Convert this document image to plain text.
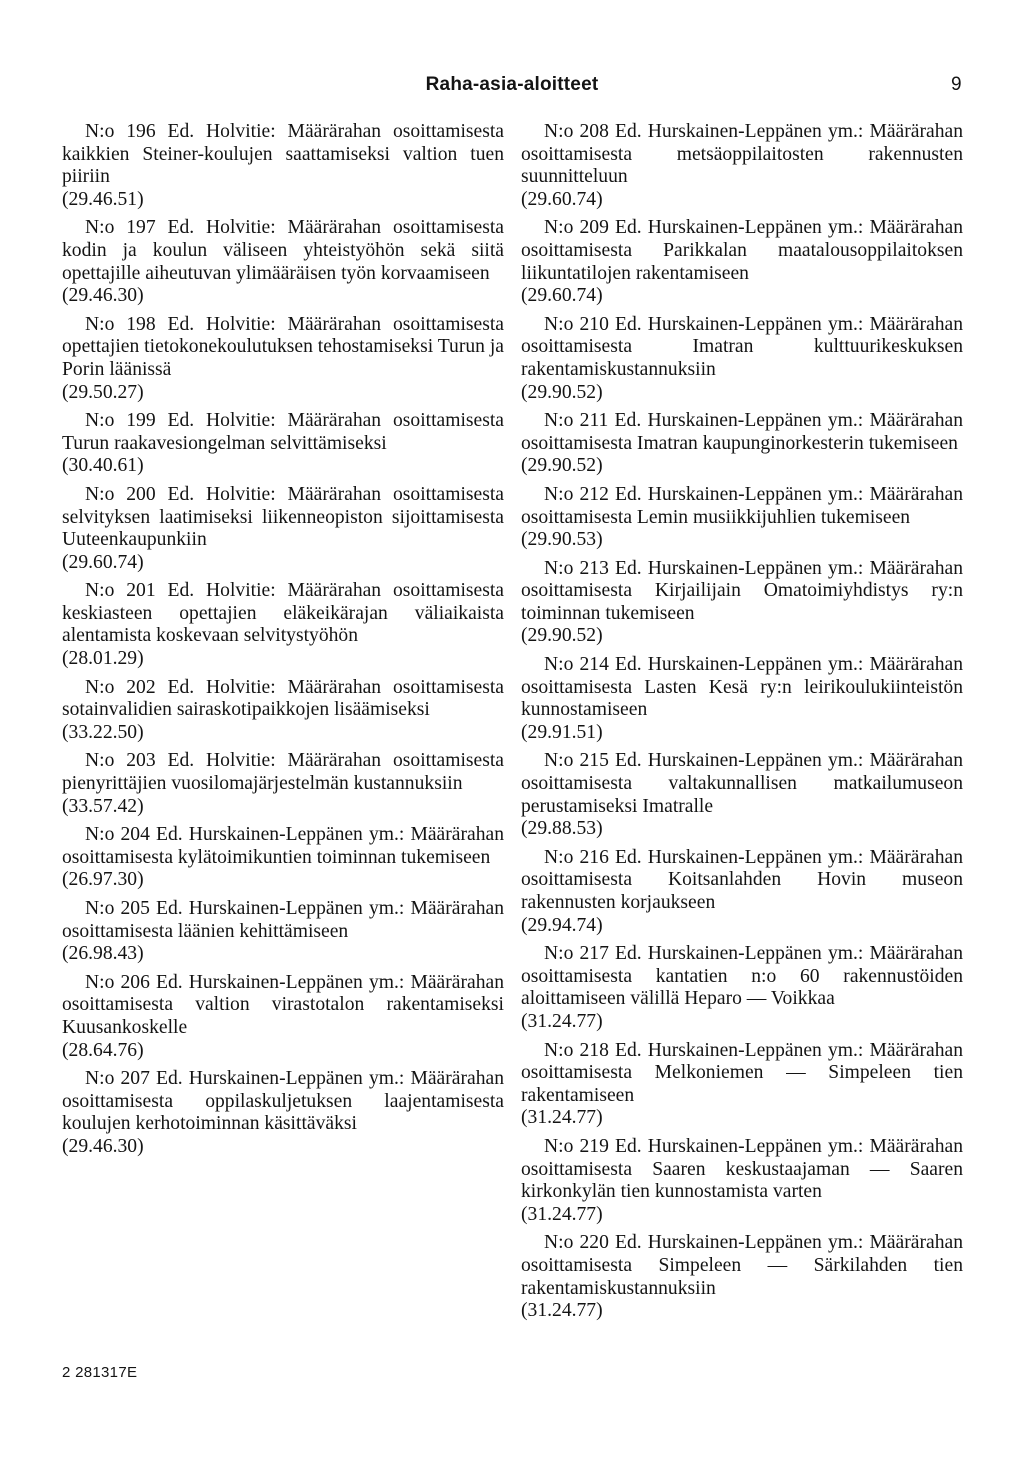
Raha-asia-aloitteet	9
N:o 196 Ed. Holvitie: Määrärahan osoittamisesta kaikkien Steiner-koulujen saattamiseksi valtion tuen piiriin
(29.46.51)
N:o 197 Ed. Holvitie: Määrärahan osoittamisesta kodin ja koulun väliseen yhteistyöhön sekä siitä opettajille aiheutuvan ylimääräisen työn korvaamiseen
(29.46.30)
N:o 198 Ed. Holvitie: Määrärahan osoittamisesta opettajien tietokonekoulutuksen tehostamiseksi Turun ja Porin läänissä
(29.50.27)
N:o 199 Ed. Holvitie: Määrärahan osoittamisesta Turun raakavesiongelman selvittämiseksi
(30.40.61)
N:o 200 Ed. Holvitie: Määrärahan osoittamisesta selvityksen laatimiseksi liikenneopiston sijoittamisesta Uuteenkaupunkiin
(29.60.74)
N:o 201 Ed. Holvitie: Määrärahan osoittamisesta keskiasteen opettajien eläkeikärajan väliaikaista alentamista koskevaan selvitystyöhön
(28.01.29)
N:o 202 Ed. Holvitie: Määrärahan osoittamisesta sotainvalidien sairaskotipaikkojen lisäämiseksi
(33.22.50)
N:o 203 Ed. Holvitie: Määrärahan osoittamisesta pienyrittäjien vuosilomajärjestelmän kustannuksiin
(33.57.42)
N:o 204 Ed. Hurskainen-Leppänen ym.: Määrärahan osoittamisesta kylätoimikuntien toiminnan tukemiseen
(26.97.30)
N:o 205 Ed. Hurskainen-Leppänen ym.: Määrärahan osoittamisesta läänien kehittämiseen
(26.98.43)
N:o 206 Ed. Hurskainen-Leppänen ym.: Määrärahan osoittamisesta valtion virastotalon rakentamiseksi Kuusankoskelle
(28.64.76)
N:o 207 Ed. Hurskainen-Leppänen ym.: Määrärahan osoittamisesta oppilaskuljetuksen laajentamisesta koulujen kerhotoiminnan käsittäväksi
(29.46.30)
N:o 208 Ed. Hurskainen-Leppänen ym.: Määrärahan osoittamisesta metsäoppilaitosten rakennusten suunnitteluun
(29.60.74)
N:o 209 Ed. Hurskainen-Leppänen ym.: Määrärahan osoittamisesta Parikkalan maatalousoppilaitoksen liikuntatilojen rakentamiseen
(29.60.74)
N:o 210 Ed. Hurskainen-Leppänen ym.: Määrärahan osoittamisesta Imatran kulttuurikeskuksen rakentamiskustannuksiin
(29.90.52)
N:o 211 Ed. Hurskainen-Leppänen ym.: Määrärahan osoittamisesta Imatran kaupunginorkesterin tukemiseen
(29.90.52)
N:o 212 Ed. Hurskainen-Leppänen ym.: Määrärahan osoittamisesta Lemin musiikkijuhlien tukemiseen
(29.90.53)
N:o 213 Ed. Hurskainen-Leppänen ym.: Määrärahan osoittamisesta Kirjailijain Omatoimiyhdistys ry:n toiminnan tukemiseen
(29.90.52)
N:o 214 Ed. Hurskainen-Leppänen ym.: Määrärahan osoittamisesta Lasten Kesä ry:n leirikoulukiinteistön kunnostamiseen
(29.91.51)
N:o 215 Ed. Hurskainen-Leppänen ym.: Määrärahan osoittamisesta valtakunnallisen matkailumuseon perustamiseksi Imatralle
(29.88.53)
N:o 216 Ed. Hurskainen-Leppänen ym.: Määrärahan osoittamisesta Koitsanlahden Hovin museon rakennusten korjaukseen
(29.94.74)
N:o 217 Ed. Hurskainen-Leppänen ym.: Määrärahan osoittamisesta kantatien n:o 60 rakennustöiden aloittamiseen välillä Heparo — Voikkaa
(31.24.77)
N:o 218 Ed. Hurskainen-Leppänen ym.: Määrärahan osoittamisesta Melkoniemen — Simpeleen tien rakentamiseen
(31.24.77)
N:o 219 Ed. Hurskainen-Leppänen ym.: Määrärahan osoittamisesta Saaren keskustaajaman — Saaren kirkonkylän tien kunnostamista varten
(31.24.77)
N:o 220 Ed. Hurskainen-Leppänen ym.: Määrärahan osoittamisesta Simpeleen — Särkilahden tien rakentamiskustannuksiin
(31.24.77)
2 281317E
